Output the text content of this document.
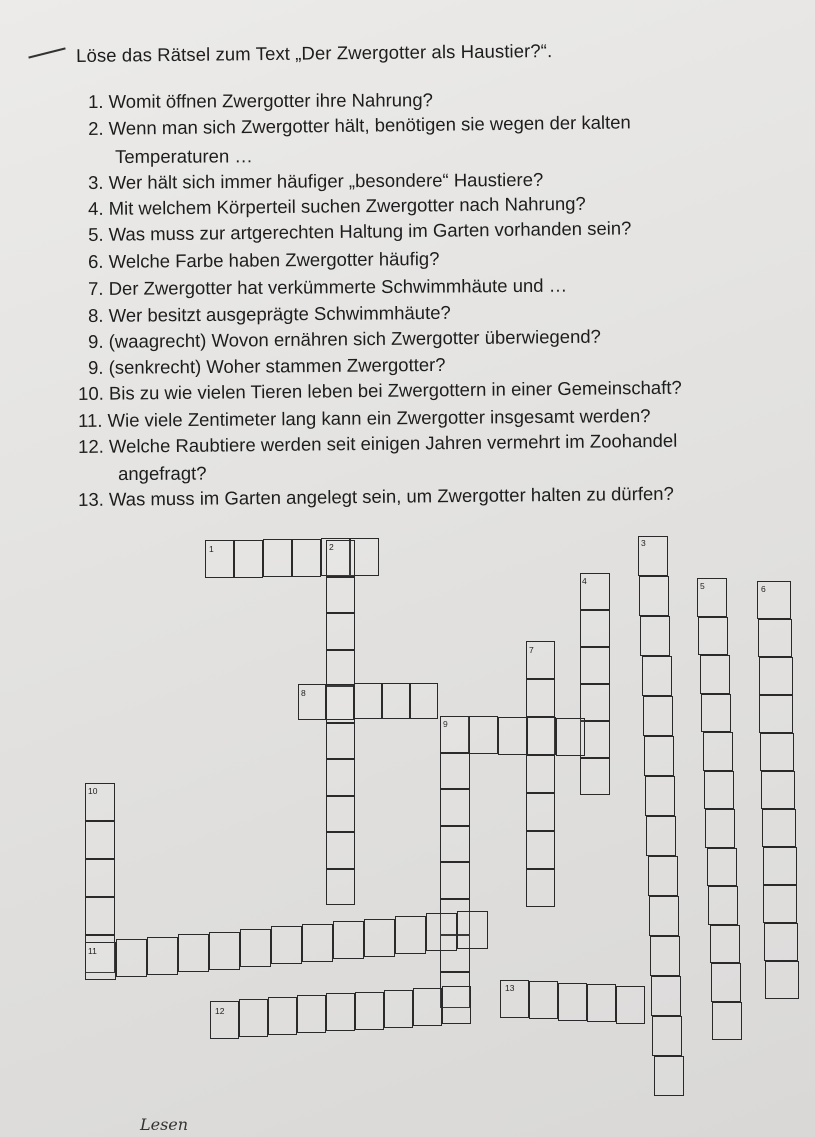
Löse das Rätsel zum Text „Der Zwergotter als Haustier?“.
1. Womit öffnen Zwergotter ihre Nahrung?
2. Wenn man sich Zwergotter hält, benötigen sie wegen der kalten
Temperaturen …
3. Wer hält sich immer häufiger „besondere“ Haustiere?
4. Mit welchem Körperteil suchen Zwergotter nach Nahrung?
5. Was muss zur artgerechten Haltung im Garten vorhanden sein?
6. Welche Farbe haben Zwergotter häufig?
7. Der Zwergotter hat verkümmerte Schwimmhäute und …
8. Wer besitzt ausgeprägte Schwimmhäute?
9. (waagrecht) Wovon ernähren sich Zwergotter überwiegend?
9. (senkrecht) Woher stammen Zwergotter?
10. Bis zu wie vielen Tieren leben bei Zwergottern in einer Gemeinschaft?
11. Wie viele Zentimeter lang kann ein Zwergotter insgesamt werden?
12. Welche Raubtiere werden seit einigen Jahren vermehrt im Zoohandel
angefragt?
13. Was muss im Garten angelegt sein, um Zwergotter halten zu dürfen?
1	2	3
4	5	6
7
8
9
10
11
12
13
Lesen
